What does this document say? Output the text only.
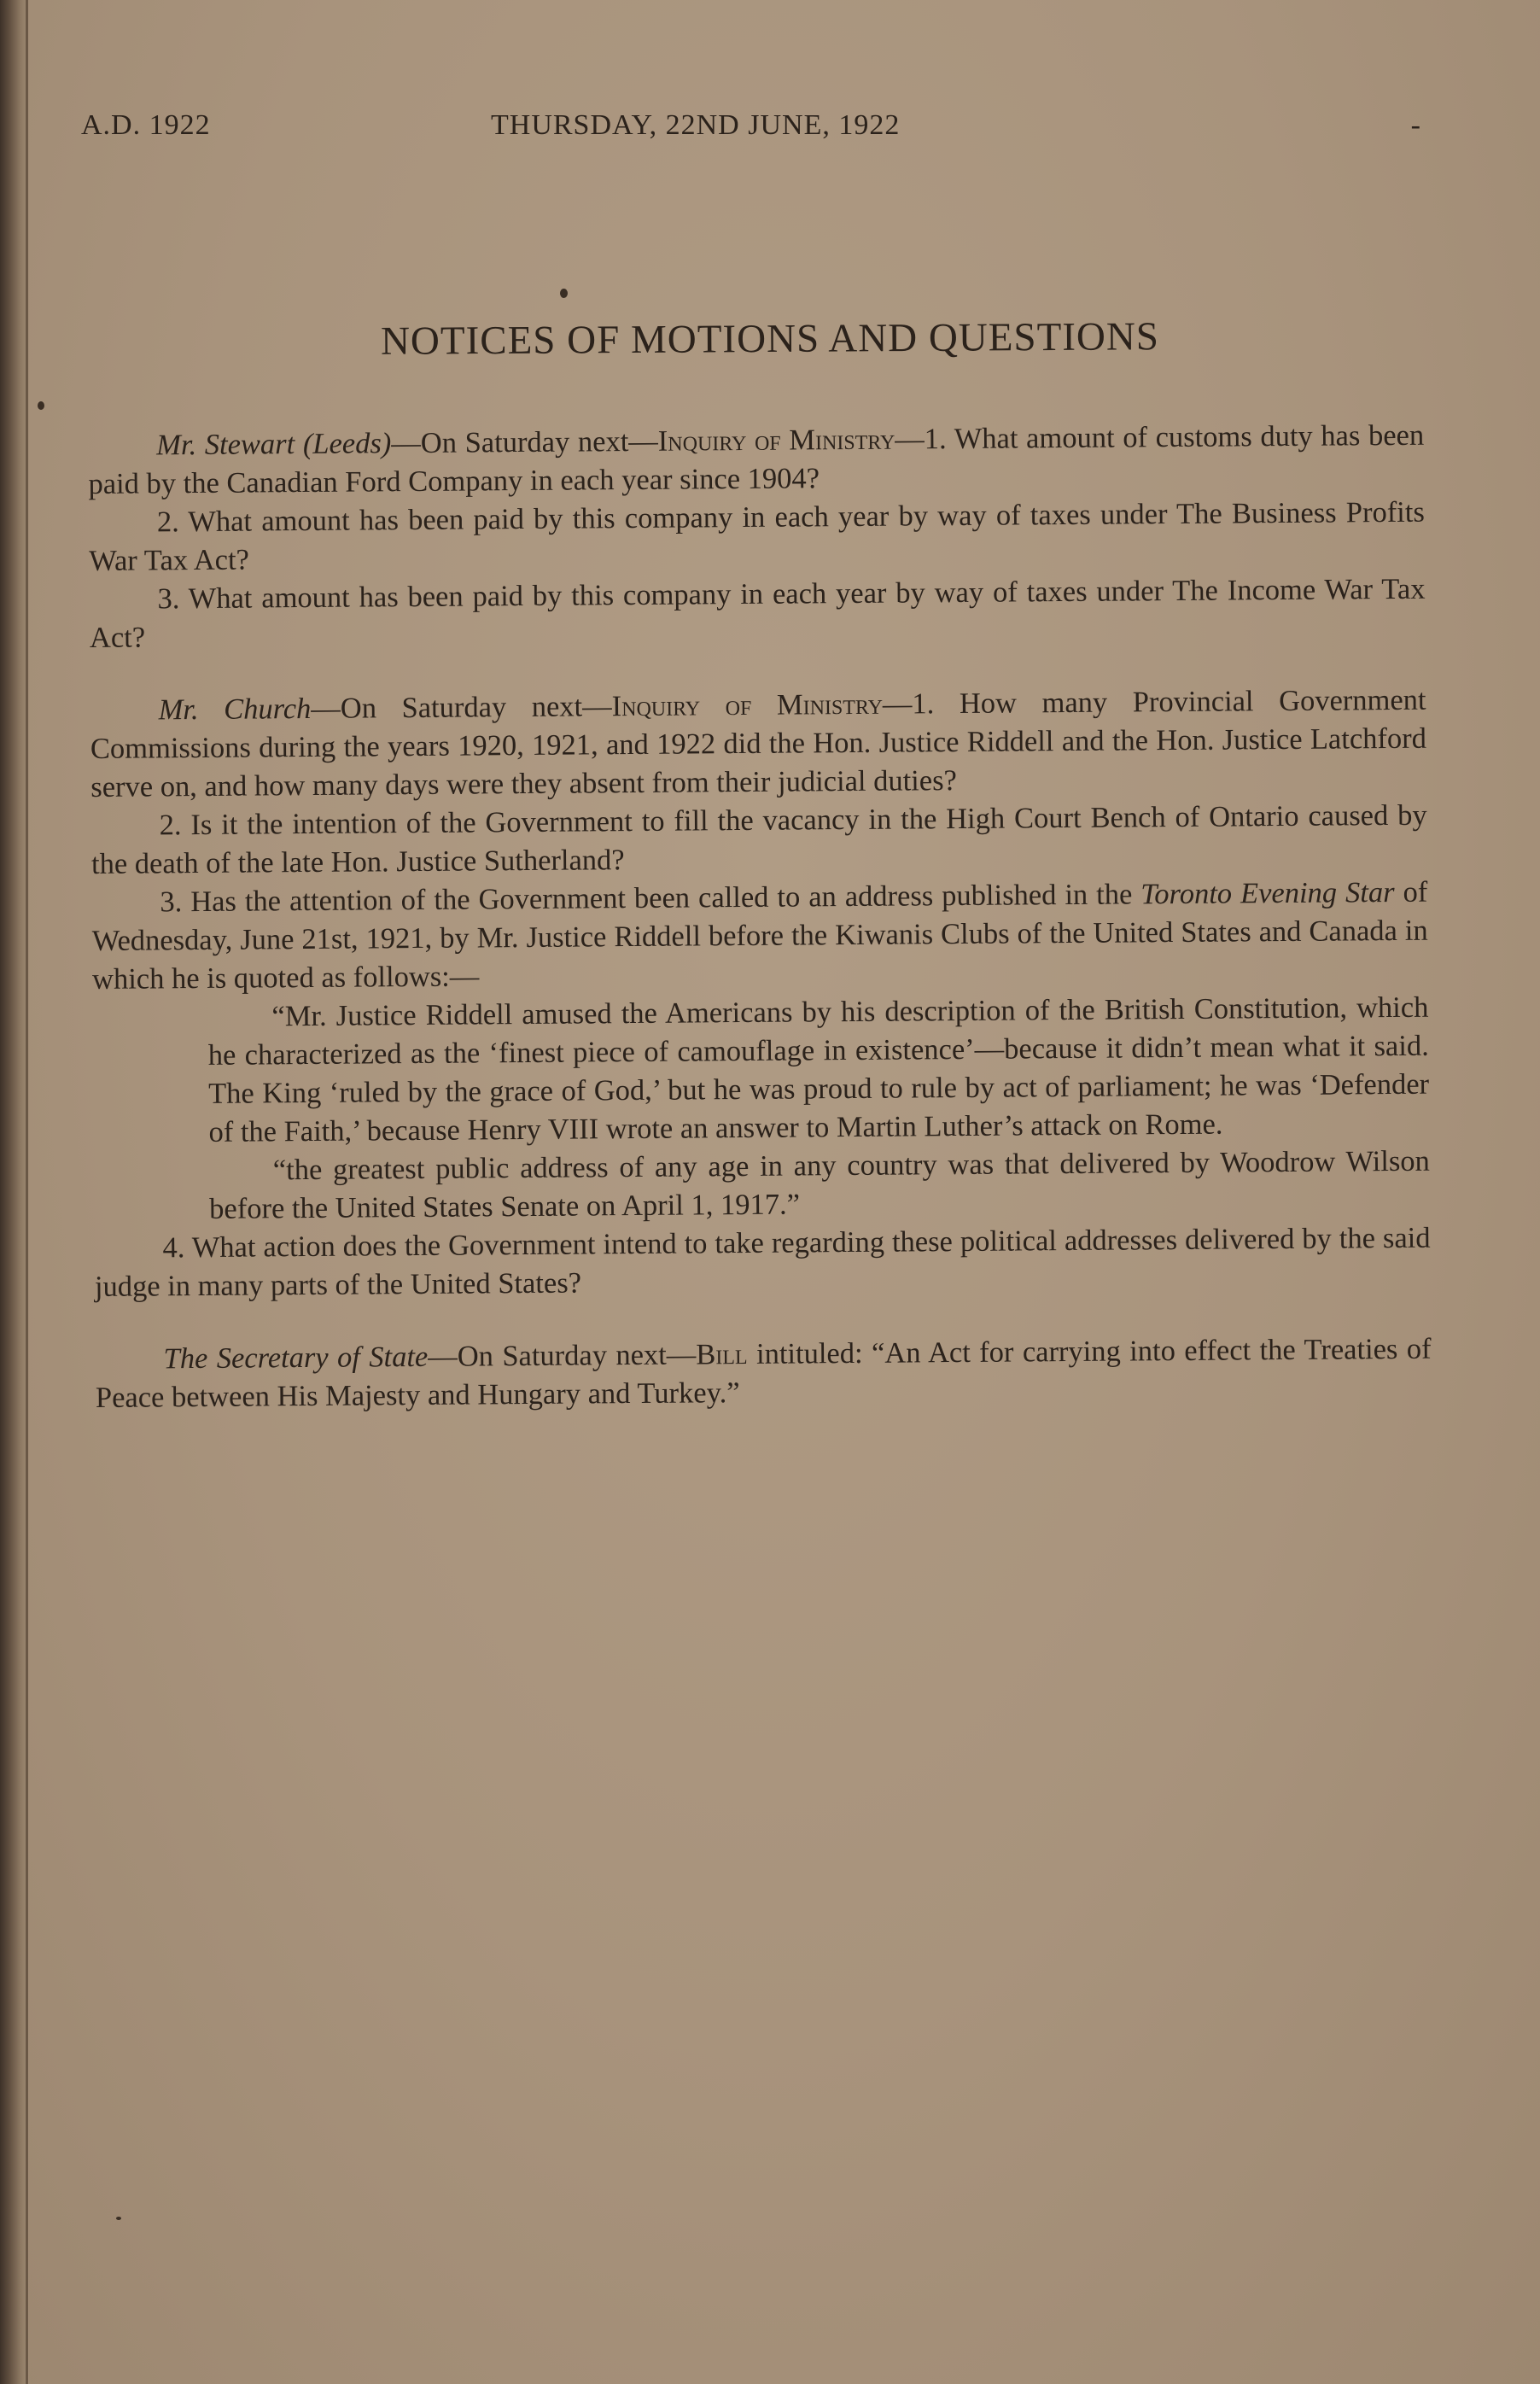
A.D. 1922	THURSDAY, 22ND JUNE, 1922	-
NOTICES OF MOTIONS AND QUESTIONS

Mr. Stewart (Leeds)—On Saturday next—Inquiry of Ministry—1. What amount of customs duty has been paid by the Canadian Ford Company in each year since 1904?

2. What amount has been paid by this company in each year by way of taxes under The Business Profits War Tax Act?

3. What amount has been paid by this company in each year by way of taxes under The Income War Tax Act?

Mr. Church—On Saturday next—Inquiry of Ministry—1. How many Provincial Government Commissions during the years 1920, 1921, and 1922 did the Hon. Justice Riddell and the Hon. Justice Latchford serve on, and how many days were they absent from their judicial duties?

2. Is it the intention of the Government to fill the vacancy in the High Court Bench of Ontario caused by the death of the late Hon. Justice Sutherland?

3. Has the attention of the Government been called to an address published in the Toronto Evening Star of Wednesday, June 21st, 1921, by Mr. Justice Riddell before the Kiwanis Clubs of the United States and Canada in which he is quoted as follows:—

“Mr. Justice Riddell amused the Americans by his description of the British Constitution, which he characterized as the ‘finest piece of camouflage in existence’—because it didn’t mean what it said. The King ‘ruled by the grace of God,’ but he was proud to rule by act of parliament; he was ‘Defender of the Faith,’ because Henry VIII wrote an answer to Martin Luther’s attack on Rome.

“the greatest public address of any age in any country was that delivered by Woodrow Wilson before the United States Senate on April 1, 1917.”

4. What action does the Government intend to take regarding these political addresses delivered by the said judge in many parts of the United States?

The Secretary of State—On Saturday next—Bill intituled: “An Act for carrying into effect the Treaties of Peace between His Majesty and Hungary and Turkey.”
